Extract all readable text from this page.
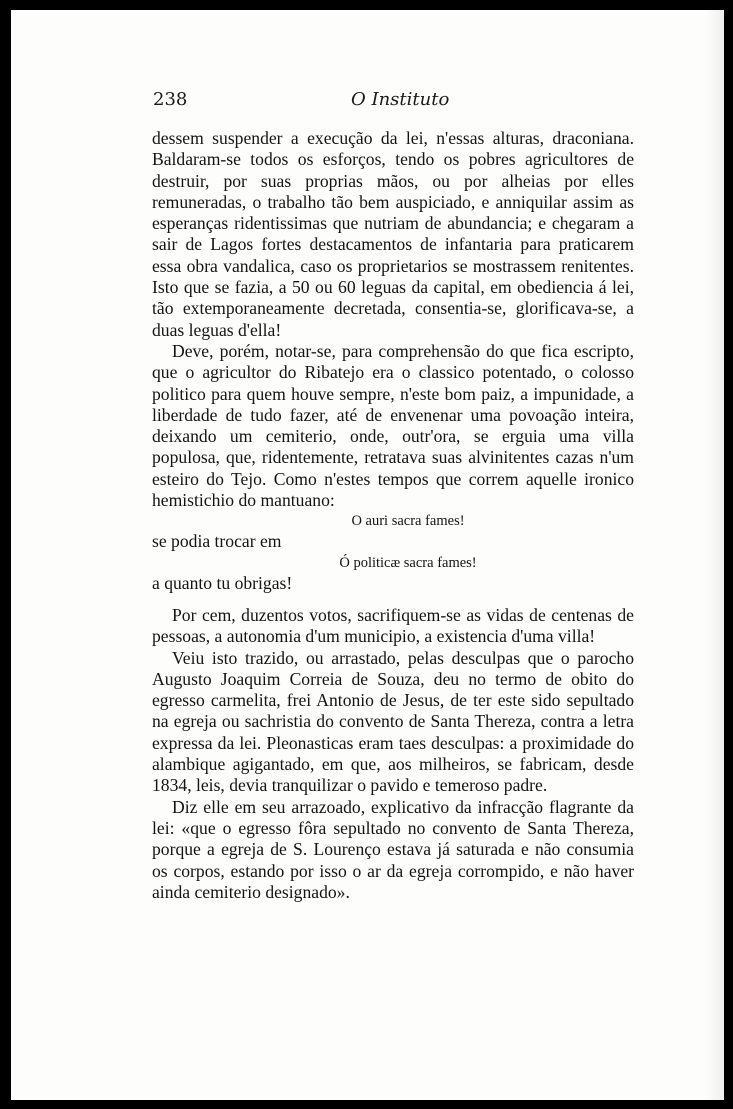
238	O Instituto

dessem suspender a execução da lei, n'essas alturas, draconiana. Baldaram-se todos os esforços, tendo os pobres agricultores de destruir, por suas proprias mãos, ou por alheias por elles remuneradas, o trabalho tão bem auspiciado, e anniquilar assim as esperanças ridentissimas que nutriam de abundancia; e chegaram a sair de Lagos fortes destacamentos de infantaria para praticarem essa obra vandalica, caso os proprietarios se mostrassem renitentes. Isto que se fazia, a 50 ou 60 leguas da capital, em obediencia á lei, tão extemporaneamente decretada, consentia-se, glorificava-se, a duas leguas d'ella!

Deve, porém, notar-se, para comprehensão do que fica escripto, que o agricultor do Ribatejo era o classico potentado, o colosso politico para quem houve sempre, n'este bom paiz, a impunidade, a liberdade de tudo fazer, até de envenenar uma povoação inteira, deixando um cemiterio, onde, outr'ora, se erguia uma villa populosa, que, ridentemente, retratava suas alvinitentes cazas n'um esteiro do Tejo. Como n'estes tempos que correm aquelle ironico hemistichio do mantuano:

O auri sacra fames!

se podia trocar em

Ó politicæ sacra fames!

a quanto tu obrigas!

Por cem, duzentos votos, sacrifiquem-se as vidas de centenas de pessoas, a autonomia d'um municipio, a existencia d'uma villa!

Veiu isto trazido, ou arrastado, pelas desculpas que o parocho Augusto Joaquim Correia de Souza, deu no termo de obito do egresso carmelita, frei Antonio de Jesus, de ter este sido sepultado na egreja ou sachristia do convento de Santa Thereza, contra a letra expressa da lei. Pleonasticas eram taes desculpas: a proximidade do alambique agigantado, em que, aos milheiros, se fabricam, desde 1834, leis, devia tranquilizar o pavido e temeroso padre.

Diz elle em seu arrazoado, explicativo da infracção flagrante da lei: «que o egresso fôra sepultado no convento de Santa Thereza, porque a egreja de S. Lourenço estava já saturada e não consumia os corpos, estando por isso o ar da egreja corrompido, e não haver ainda cemiterio designado».
